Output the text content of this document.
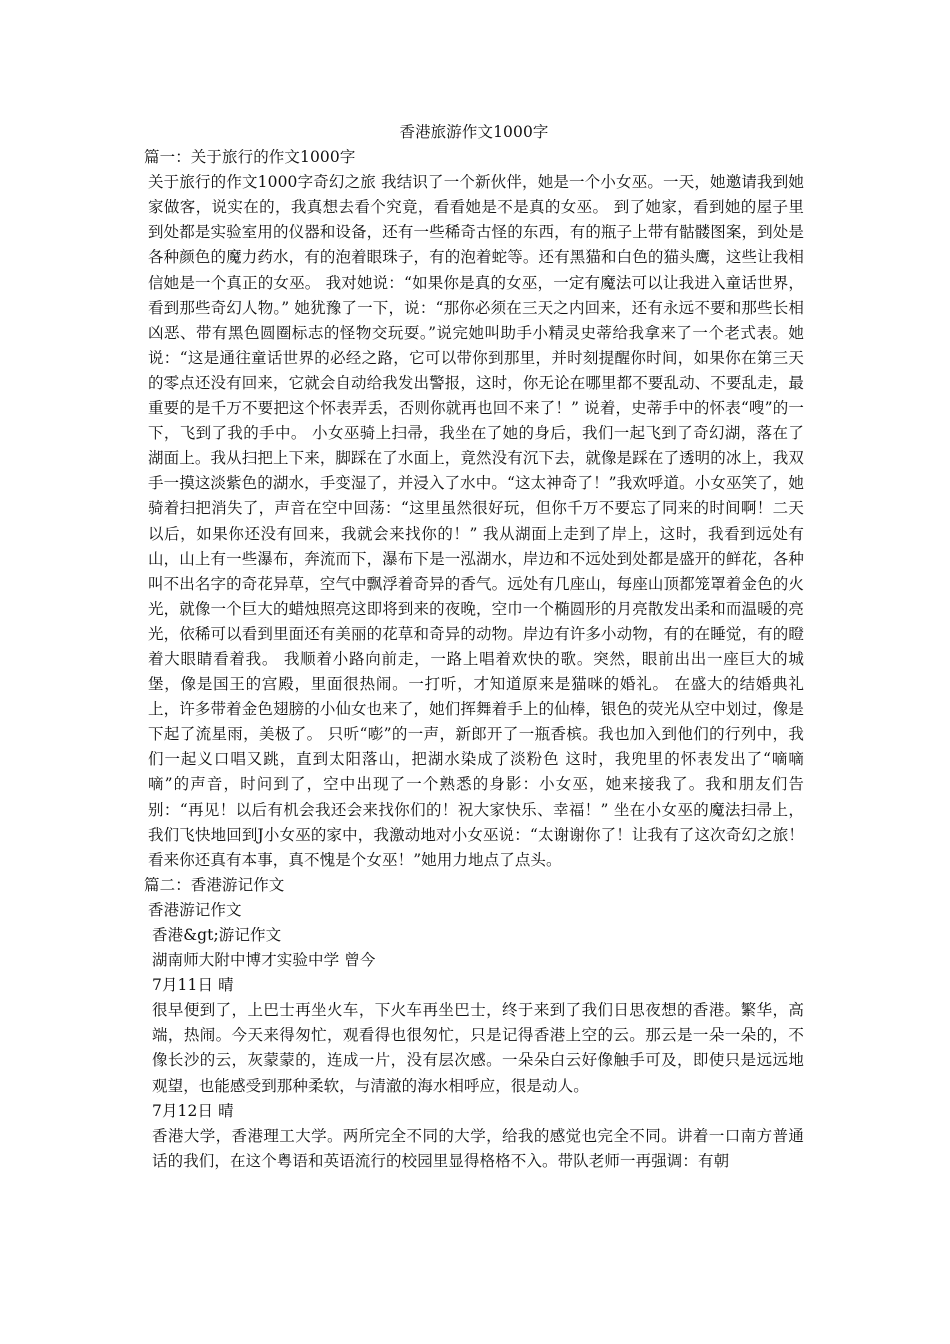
香港旅游作文1000字

篇一：关于旅行的作文1000字

关于旅行的作文1000字奇幻之旅 我结识了一个新伙伴，她是一个小女巫。一天，她邀请我到她家做客，说实在的，我真想去看个究竟，看看她是不是真的女巫。 到了她家，看到她的屋子里到处都是实验室用的仪器和设备，还有一些稀奇古怪的东西，有的瓶子上带有骷髅图案，到处是各种颜色的魔力药水，有的泡着眼珠子，有的泡着蛇等。还有黑猫和白色的猫头鹰，这些让我相信她是一个真正的女巫。 我对她说：“如果你是真的女巫，一定有魔法可以让我进入童话世界，看到那些奇幻人物。” 她犹豫了一下，说：“那你必须在三天之内回来，还有永远不要和那些长相凶恶、带有黑色圆圈标志的怪物交玩耍。”说完她叫助手小精灵史蒂给我拿来了一个老式表。她说：“这是通往童话世界的必经之路，它可以带你到那里，并时刻提醒你时间，如果你在第三天的零点还没有回来，它就会自动给我发出警报，这时，你无论在哪里都不要乱动、不要乱走，最重要的是千万不要把这个怀表弄丢，否则你就再也回不来了！” 说着，史蒂手中的怀表“嗖”的一下，飞到了我的手中。 小女巫骑上扫帚，我坐在了她的身后，我们一起飞到了奇幻湖，落在了湖面上。我从扫把上下来，脚踩在了水面上，竟然没有沉下去，就像是踩在了透明的冰上，我双手一摸这淡紫色的湖水，手变湿了，并浸入了水中。“这太神奇了！”我欢呼道。小女巫笑了，她骑着扫把消失了，声音在空中回荡：“这里虽然很好玩，但你千万不要忘了同来的时间啊！二天以后，如果你还没有回来，我就会来找你的！” 我从湖面上走到了岸上，这时，我看到远处有山，山上有一些瀑布，奔流而下，瀑布下是一泓湖水，岸边和不远处到处都是盛开的鲜花，各种叫不出名字的奇花异草，空气中飘浮着奇异的香气。远处有几座山，每座山顶都笼罩着金色的火光，就像一个巨大的蜡烛照亮这即将到来的夜晚，空巾一个椭圆形的月亮散发出柔和而温暖的亮光，依稀可以看到里面还有美丽的花草和奇异的动物。岸边有许多小动物，有的在睡觉，有的瞪着大眼睛看着我。 我顺着小路向前走，一路上唱着欢快的歌。突然，眼前出出一座巨大的城堡，像是国王的宫殿，里面很热闹。一打听，才知道原来是猫咪的婚礼。 在盛大的结婚典礼上，许多带着金色翅膀的小仙女也来了，她们挥舞着手上的仙棒，银色的荧光从空中划过，像是下起了流星雨，美极了。 只听“嘭”的一声，新郎开了一瓶香槟。我也加入到他们的行列中，我们一起义口唱又跳，直到太阳落山，把湖水染成了淡粉色 这时，我兜里的怀表发出了“嘀嘀嘀”的声音，时问到了，空中出现了一个熟悉的身影：小女巫，她来接我了。我和朋友们告别：“再见！以后有机会我还会来找你们的！祝大家快乐、幸福！” 坐在小女巫的魔法扫帚上，我们飞快地回到J小女巫的家中，我激动地对小女巫说：“太谢谢你了！让我有了这次奇幻之旅！看来你还真有本事，真不愧是个女巫！”她用力地点了点头。

篇二：香港游记作文

香港游记作文

香港&gt;游记作文

湖南师大附中博才实验中学 曾今

7月11日 晴

很早便到了，上巴士再坐火车，下火车再坐巴士，终于来到了我们日思夜想的香港。繁华，高端，热闹。今天来得匆忙，观看得也很匆忙，只是记得香港上空的云。那云是一朵一朵的，不像长沙的云，灰蒙蒙的，连成一片，没有层次感。一朵朵白云好像触手可及，即使只是远远地观望，也能感受到那种柔软，与清澈的海水相呼应，很是动人。

7月12日 晴

香港大学，香港理工大学。两所完全不同的大学，给我的感觉也完全不同。讲着一口南方普通话的我们，在这个粤语和英语流行的校园里显得格格不入。带队老师一再强调：有朝
